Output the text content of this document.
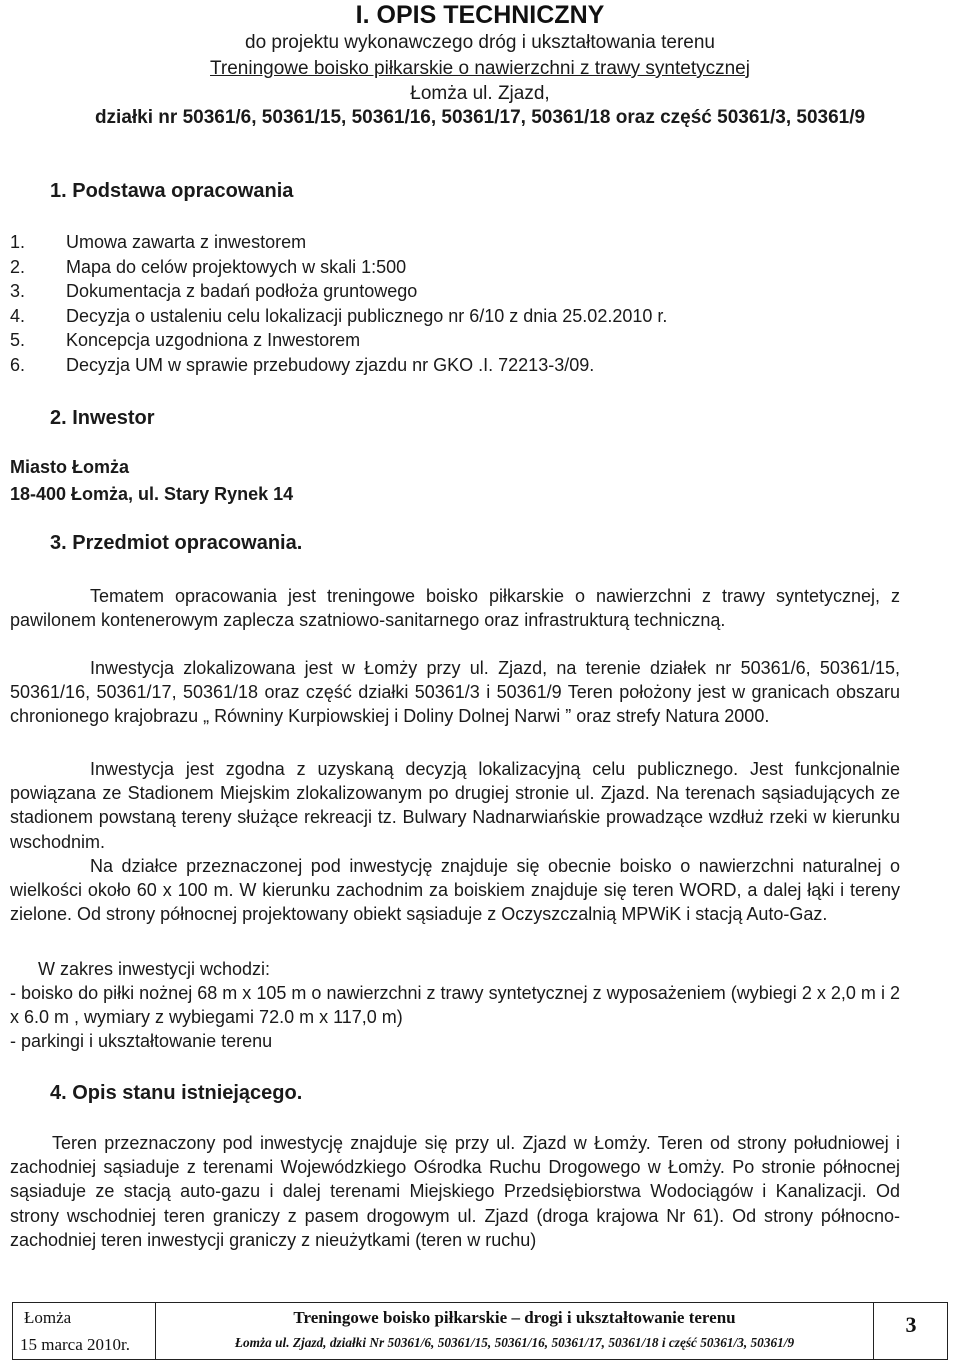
I. OPIS TECHNICZNY

do projektu wykonawczego dróg i ukształtowania terenu

Treningowe boisko piłkarskie o nawierzchni z trawy syntetycznej

Łomża ul. Zjazd,

działki nr 50361/6, 50361/15, 50361/16, 50361/17, 50361/18 oraz część 50361/3, 50361/9

1. Podstawa opracowania
1. Umowa zawarta z inwestorem
2. Mapa do celów projektowych w skali 1:500
3. Dokumentacja z badań podłoża gruntowego
4. Decyzja o ustaleniu celu lokalizacji publicznego nr 6/10 z dnia 25.02.2010 r.
5. Koncepcja uzgodniona z Inwestorem
6. Decyzja UM w sprawie przebudowy zjazdu nr GKO .I. 72213-3/09.
2. Inwestor

Miasto Łomża

18-400 Łomża, ul. Stary Rynek 14

3. Przedmiot opracowania.

Tematem opracowania jest treningowe boisko piłkarskie o nawierzchni z trawy syntetycznej, z pawilonem kontenerowym zaplecza szatniowo-sanitarnego oraz infrastrukturą techniczną.

Inwestycja zlokalizowana jest w Łomży przy ul. Zjazd, na terenie działek nr 50361/6, 50361/15, 50361/16, 50361/17, 50361/18 oraz część działki 50361/3 i 50361/9 Teren położony jest w granicach obszaru chronionego krajobrazu „ Równiny Kurpiowskiej i Doliny Dolnej Narwi ” oraz strefy Natura 2000.

Inwestycja jest zgodna z uzyskaną decyzją lokalizacyjną celu publicznego. Jest funkcjonalnie powiązana ze Stadionem Miejskim zlokalizowanym po drugiej stronie ul. Zjazd. Na terenach sąsiadujących ze stadionem powstaną tereny służące rekreacji tz. Bulwary Nadnarwiańskie prowadzące wzdłuż rzeki w kierunku wschodnim.

Na działce przeznaczonej pod inwestycję znajduje się obecnie boisko o nawierzchni naturalnej o wielkości około 60 x 100 m. W kierunku zachodnim za boiskiem znajduje się teren WORD, a dalej łąki i tereny zielone. Od strony północnej projektowany obiekt sąsiaduje z Oczyszczalnią MPWiK i stacją Auto-Gaz.

W zakres inwestycji wchodzi:

- boisko do piłki nożnej 68 m x 105 m o nawierzchni z trawy syntetycznej z wyposażeniem (wybiegi 2 x 2,0 m i 2 x 6.0 m , wymiary z wybiegami 72.0 m x 117,0 m)

- parkingi i ukształtowanie terenu

4. Opis stanu istniejącego.

Teren przeznaczony pod inwestycję znajduje się przy ul. Zjazd w Łomży. Teren od strony południowej i zachodniej sąsiaduje z terenami Wojewódzkiego Ośrodka Ruchu Drogowego w Łomży. Po stronie północnej sąsiaduje ze stacją auto-gazu i dalej terenami Miejskiego Przedsiębiorstwa Wodociągów i Kanalizacji. Od strony wschodniej teren graniczy z pasem drogowym ul. Zjazd (droga krajowa Nr 61). Od strony północno-zachodniej teren inwestycji graniczy z nieużytkami (teren w ruchu)

Łomża
15 marca 2010r.
Treningowe boisko piłkarskie – drogi i ukształtowanie terenu
Łomża ul. Zjazd, działki Nr 50361/6, 50361/15, 50361/16, 50361/17, 50361/18 i część 50361/3, 50361/9
3
